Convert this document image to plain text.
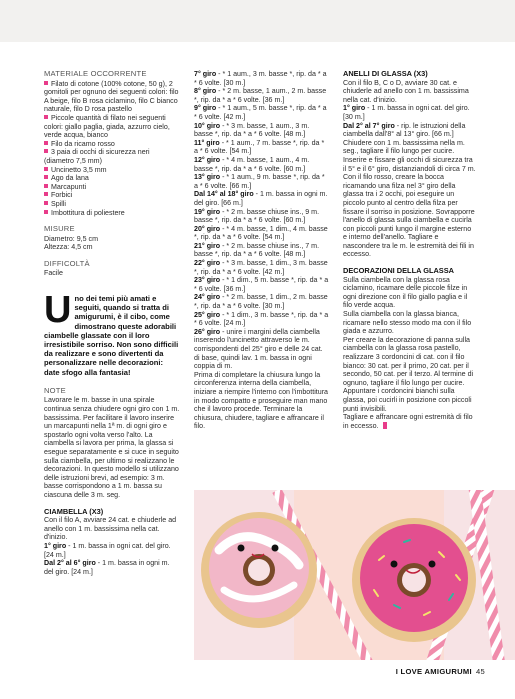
MATERIALE OCCORRENTE
Filato di cotone (100% cotone, 50 g), 2 gomitoli per ognuno dei seguenti colori: filo A beige, filo B rosa ciclamino, filo C bianco naturale, filo D rosa pastello
Piccole quantità di filato nei seguenti colori: giallo paglia, giada, azzurro cielo, verde acqua, bianco
Filo da ricamo rosso
3 paia di occhi di sicurezza neri (diametro 7,5 mm)
Uncinetto 3,5 mm
Ago da lana
Marcapunti
Forbici
Spilli
Imbottitura di poliestere
MISURE
Diametro: 9,5 cm
Altezza: 4,5 cm
DIFFICOLTÀ
Facile
Uno dei temi più amati e seguiti, quando si tratta di amigurumi, è il cibo, come dimostrano queste adorabili ciambelle glassate con il loro irresistibile sorriso. Non sono difficili da realizzare e sono divertenti da personalizzare nelle decorazioni: date sfogo alla fantasia!
NOTE

Lavorare le m. basse in una spirale continua senza chiudere ogni giro con 1 m. bassissima. Per facilitare il lavoro inserire un marcapunti nella 1ª m. di ogni giro e spostarlo ogni volta verso l'alto. La ciambella si lavora per prima, la glassa si esegue separatamente e si cuce in seguito sulla ciambella, per ultimo si realizzano le decorazioni. In questo modello si utilizzano delle istruzioni brevi, ad esempio: 3 m. basse corrispondono a 1 m. bassa su ciascuna delle 3 m. seg.

CIAMBELLA (X3)

Con il filo A, avviare 24 cat. e chiuderle ad anello con 1 m. bassissima nella cat. d'inizio.

1° giro - 1 m. bassa in ogni cat. del giro. [24 m.]

Dal 2° al 6° giro - 1 m. bassa in ogni m. del giro. [24 m.]

7° giro - * 1 aum., 3 m. basse *, rip. da * a * 6 volte. [30 m.]

8° giro - * 2 m. basse, 1 aum., 2 m. basse *, rip. da * a * 6 volte. [36 m.]

9° giro - * 1 aum., 5 m. basse *, rip. da * a * 6 volte. [42 m.]

10° giro - * 3 m. basse, 1 aum., 3 m. basse *, rip. da * a * 6 volte. [48 m.]

11° giro - * 1 aum., 7 m. basse *, rip. da * a * 6 volte. [54 m.]

12° giro - * 4 m. basse, 1 aum., 4 m. basse *, rip. da * a * 6 volte. [60 m.]

13° giro - * 1 aum., 9 m. basse *, rip. da * a * 6 volte. [66 m.]

Dal 14° al 18° giro - 1 m. bassa in ogni m. del giro. [66 m.]

19° giro - * 2 m. basse chiuse ins., 9 m. basse *, rip. da * a * 6 volte. [60 m.]

20° giro - * 4 m. basse, 1 dim., 4 m. basse *, rip. da * a * 6 volte. [54 m.]

21° giro - * 2 m. basse chiuse ins., 7 m. basse *, rip. da * a * 6 volte. [48 m.]

22° giro - * 3 m. basse, 1 dim., 3 m. basse *, rip. da * a * 6 volte. [42 m.]

23° giro - * 1 dim., 5 m. basse *, rip. da * a * 6 volte. [36 m.]

24° giro - * 2 m. basse, 1 dim., 2 m. basse *, rip. da * a * 6 volte. [30 m.]

25° giro - * 1 dim., 3 m. basse *, rip. da * a * 6 volte. [24 m.]

26° giro - unire i margini della ciambella inserendo l'uncinetto attraverso le m. corrispondenti del 25° giro e delle 24 cat. di base, quindi lav. 1 m. bassa in ogni coppia di m.

Prima di completare la chiusura lungo la circonferenza interna della ciambella, iniziare a riempire l'interno con l'imbottitura in modo compatto e proseguire man mano che il lavoro procede. Terminare la chiusura, chiudere, tagliare e affrancare il filo.

ANELLI DI GLASSA (X3)

Con il filo B, C o D, avviare 30 cat. e chiuderle ad anello con 1 m. bassissima nella cat. d'inizio.

1° giro - 1 m. bassa in ogni cat. del giro. [30 m.]

Dal 2° al 7° giro - rip. le istruzioni della ciambella dall'8° al 13° giro. [66 m.] Chiudere con 1 m. bassissima nella m. seg., tagliare il filo lungo per cucire. Inserire e fissare gli occhi di sicurezza tra il 5° e il 6° giro, distanziandoli di circa 7 m. Con il filo rosso, creare la bocca ricamando una filza nel 3° giro della glassa tra i 2 occhi, poi eseguire un piccolo punto al centro della filza per fissare il sorriso in posizione. Sovrapporre l'anello di glassa sulla ciambella e cucirla con piccoli punti lungo il margine esterno e interno dell'anello. Tagliare e nascondere tra le m. le estremità dei fili in eccesso.

DECORAZIONI DELLA GLASSA

Sulla ciambella con la glassa rosa ciclamino, ricamare delle piccole filze in ogni direzione con il filo giallo paglia e il filo verde acqua.

Sulla ciambella con la glassa bianca, ricamare nello stesso modo ma con il filo giada e azzurro.

Per creare la decorazione di panna sulla ciambella con la glassa rosa pastello, realizzare 3 cordoncini di cat. con il filo bianco: 30 cat. per il primo, 20 cat. per il secondo, 50 cat. per il terzo. Al termine di ognuno, tagliare il filo lungo per cucire. Appuntare i cordoncini bianchi sulla glassa, poi cucirli in posizione con piccoli punti invisibili.

Tagliare e affrancare ogni estremità di filo in eccesso.

I LOVE AMIGURUMI 45
